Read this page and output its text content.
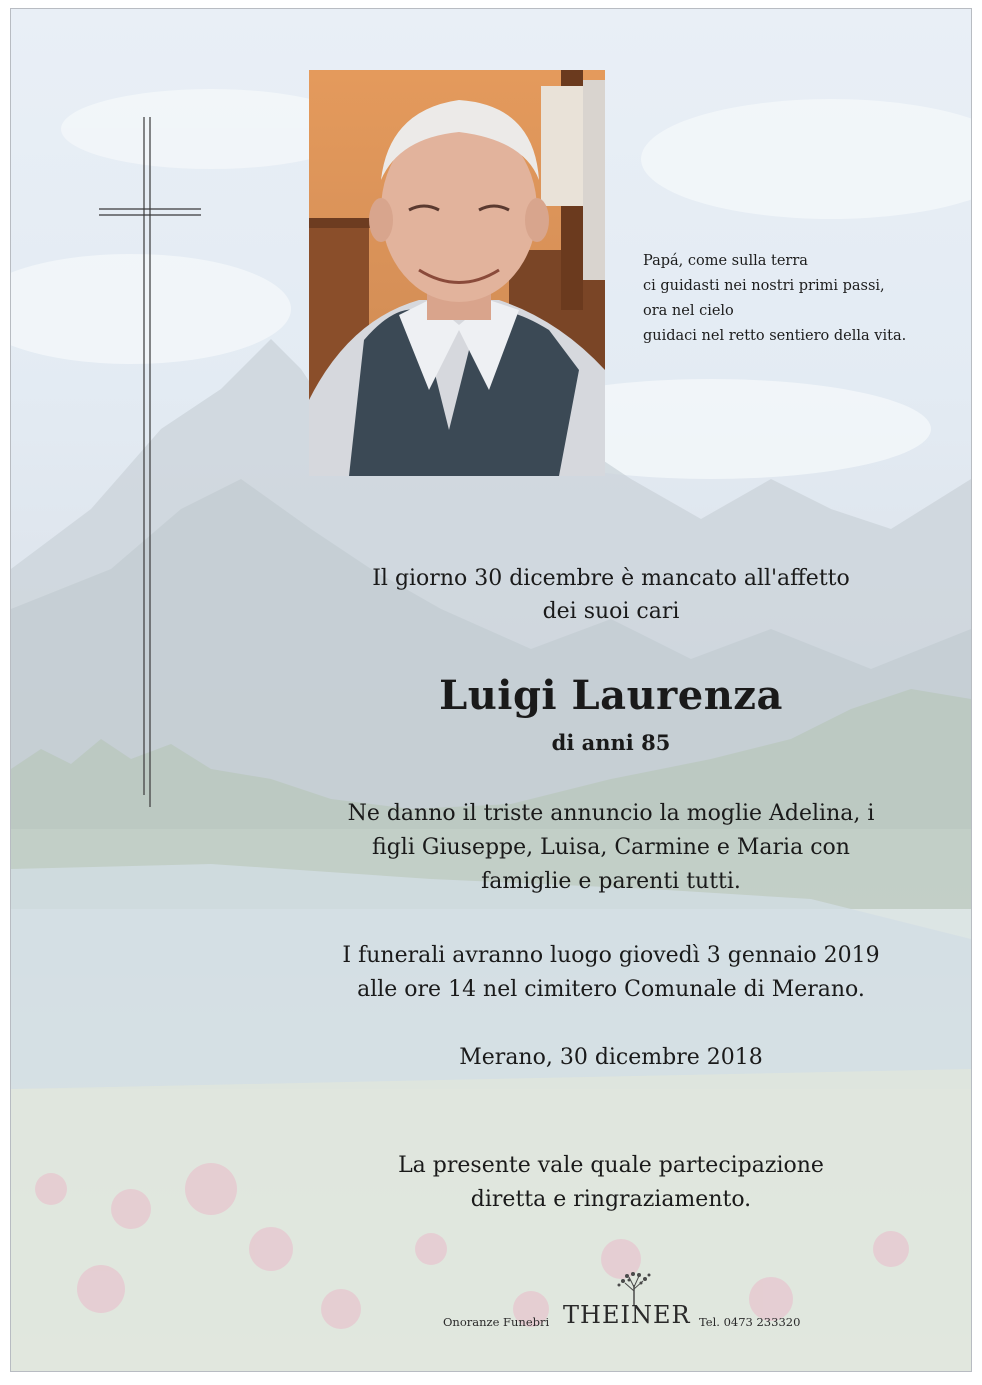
Papá, come sulla terra
ci guidasti nei nostri primi passi,
ora nel cielo
guidaci nel retto sentiero della vita.
Il giorno 30 dicembre è mancato all'affetto
dei suoi cari
Luigi Laurenza
di anni 85
Ne danno il triste annuncio la moglie Adelina, i
figli Giuseppe, Luisa, Carmine e Maria con
famiglie e parenti tutti.
I funerali avranno luogo giovedì 3 gennaio 2019
alle ore 14 nel cimitero Comunale di Merano.
Merano, 30 dicembre 2018
La presente vale quale partecipazione
diretta e ringraziamento.
Onoranze Funebri THEINER Tel. 0473 233320
